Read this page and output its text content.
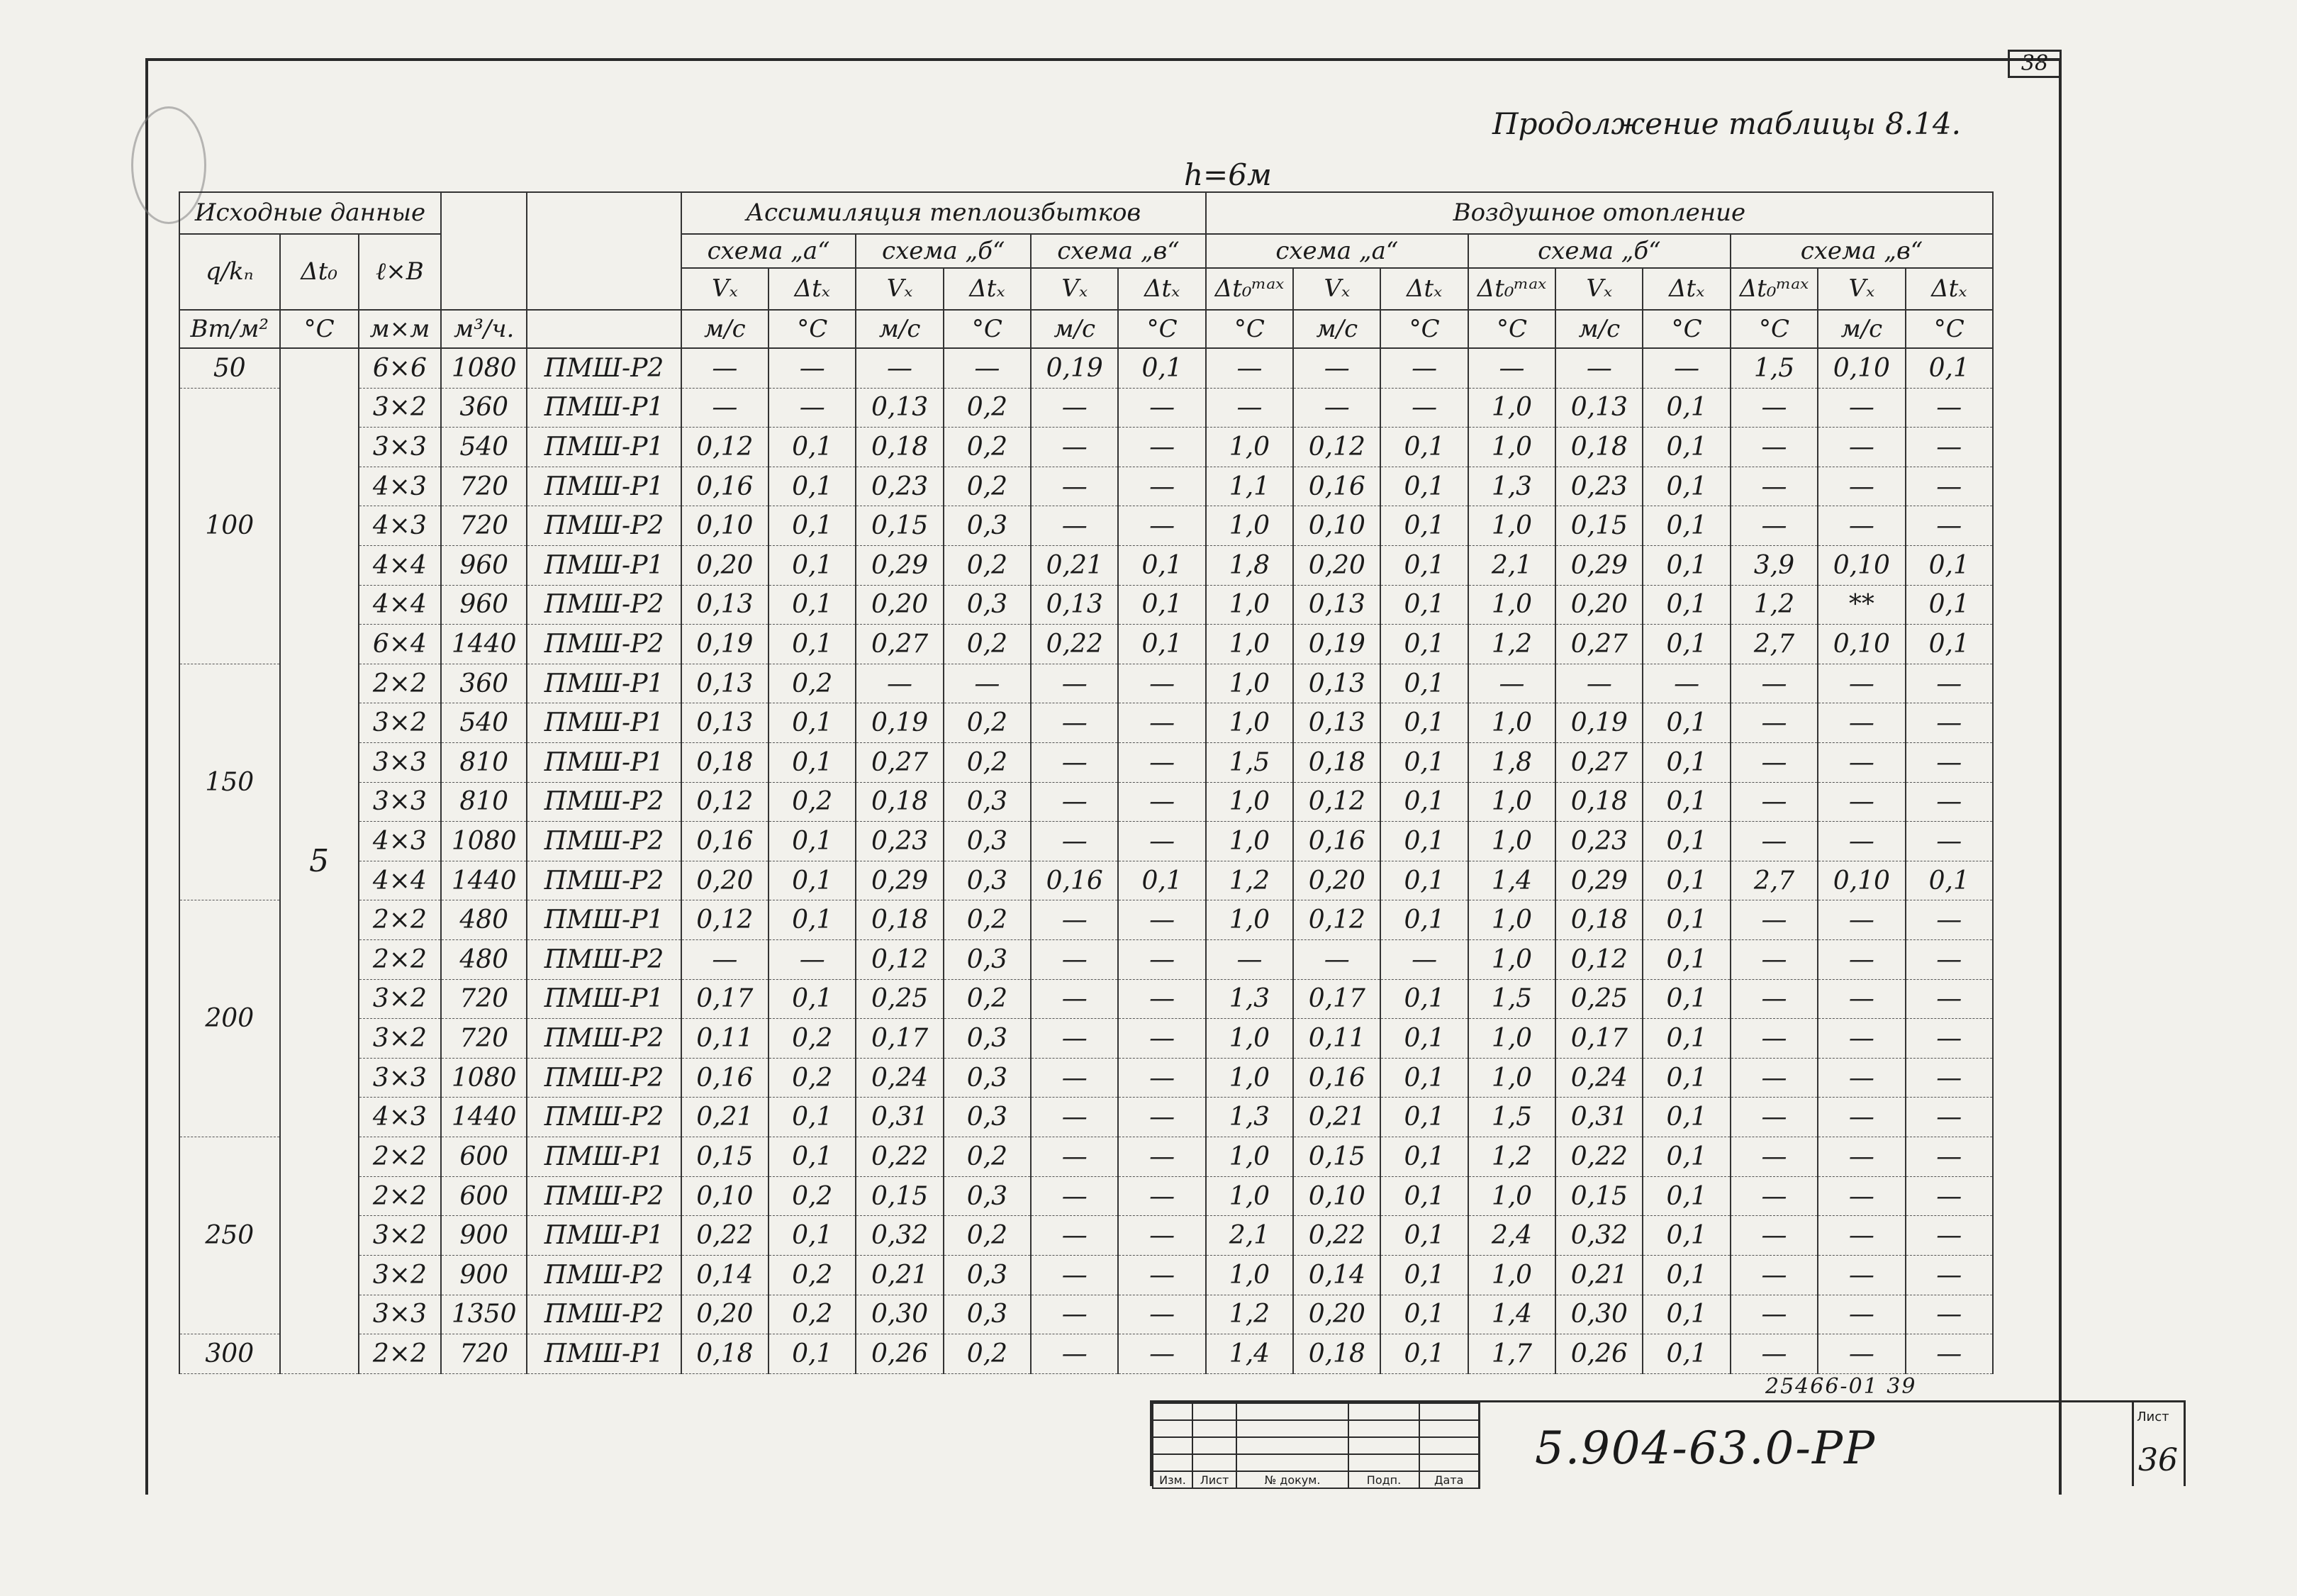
38
Продолжение таблицы 8.14.
h=6м
Исходные данные					Ассимиляция теплоизбытков						Воздушное отопление								
q/kₙ	Δt₀	ℓ×В			схема „а“		схема „б“		схема „в“		схема „а“			схема „б“			схема „в“		
					Vₓ	Δtₓ	Vₓ	Δtₓ	Vₓ	Δtₓ	Δt₀ᵐᵃˣ	Vₓ	Δtₓ	Δt₀ᵐᵃˣ	Vₓ	Δtₓ	Δt₀ᵐᵃˣ	Vₓ	Δtₓ
Вт/м²	°С	м×м	м³/ч.		м/с	°С	м/с	°С	м/с	°С	°С	м/с	°С	°С	м/с	°С	°С	м/с	°С
50	5	6×6	1080	ПМШ-Р2	—	—	—	—	0,19	0,1	—	—	—	—	—	—	1,5	0,10	0,1
100		3×2	360	ПМШ-Р1	—	—	0,13	0,2	—	—	—	—	—	1,0	0,13	0,1	—	—	—
		3×3	540	ПМШ-Р1	0,12	0,1	0,18	0,2	—	—	1,0	0,12	0,1	1,0	0,18	0,1	—	—	—
		4×3	720	ПМШ-Р1	0,16	0,1	0,23	0,2	—	—	1,1	0,16	0,1	1,3	0,23	0,1	—	—	—
		4×3	720	ПМШ-Р2	0,10	0,1	0,15	0,3	—	—	1,0	0,10	0,1	1,0	0,15	0,1	—	—	—
		4×4	960	ПМШ-Р1	0,20	0,1	0,29	0,2	0,21	0,1	1,8	0,20	0,1	2,1	0,29	0,1	3,9	0,10	0,1
		4×4	960	ПМШ-Р2	0,13	0,1	0,20	0,3	0,13	0,1	1,0	0,13	0,1	1,0	0,20	0,1	1,2	**	0,1
		6×4	1440	ПМШ-Р2	0,19	0,1	0,27	0,2	0,22	0,1	1,0	0,19	0,1	1,2	0,27	0,1	2,7	0,10	0,1
150		2×2	360	ПМШ-Р1	0,13	0,2	—	—	—	—	1,0	0,13	0,1	—	—	—	—	—	—
		3×2	540	ПМШ-Р1	0,13	0,1	0,19	0,2	—	—	1,0	0,13	0,1	1,0	0,19	0,1	—	—	—
		3×3	810	ПМШ-Р1	0,18	0,1	0,27	0,2	—	—	1,5	0,18	0,1	1,8	0,27	0,1	—	—	—
		3×3	810	ПМШ-Р2	0,12	0,2	0,18	0,3	—	—	1,0	0,12	0,1	1,0	0,18	0,1	—	—	—
		4×3	1080	ПМШ-Р2	0,16	0,1	0,23	0,3	—	—	1,0	0,16	0,1	1,0	0,23	0,1	—	—	—
		4×4	1440	ПМШ-Р2	0,20	0,1	0,29	0,3	0,16	0,1	1,2	0,20	0,1	1,4	0,29	0,1	2,7	0,10	0,1
200		2×2	480	ПМШ-Р1	0,12	0,1	0,18	0,2	—	—	1,0	0,12	0,1	1,0	0,18	0,1	—	—	—
		2×2	480	ПМШ-Р2	—	—	0,12	0,3	—	—	—	—	—	1,0	0,12	0,1	—	—	—
		3×2	720	ПМШ-Р1	0,17	0,1	0,25	0,2	—	—	1,3	0,17	0,1	1,5	0,25	0,1	—	—	—
		3×2	720	ПМШ-Р2	0,11	0,2	0,17	0,3	—	—	1,0	0,11	0,1	1,0	0,17	0,1	—	—	—
		3×3	1080	ПМШ-Р2	0,16	0,2	0,24	0,3	—	—	1,0	0,16	0,1	1,0	0,24	0,1	—	—	—
		4×3	1440	ПМШ-Р2	0,21	0,1	0,31	0,3	—	—	1,3	0,21	0,1	1,5	0,31	0,1	—	—	—
250		2×2	600	ПМШ-Р1	0,15	0,1	0,22	0,2	—	—	1,0	0,15	0,1	1,2	0,22	0,1	—	—	—
		2×2	600	ПМШ-Р2	0,10	0,2	0,15	0,3	—	—	1,0	0,10	0,1	1,0	0,15	0,1	—	—	—
		3×2	900	ПМШ-Р1	0,22	0,1	0,32	0,2	—	—	2,1	0,22	0,1	2,4	0,32	0,1	—	—	—
		3×2	900	ПМШ-Р2	0,14	0,2	0,21	0,3	—	—	1,0	0,14	0,1	1,0	0,21	0,1	—	—	—
		3×3	1350	ПМШ-Р2	0,20	0,2	0,30	0,3	—	—	1,2	0,20	0,1	1,4	0,30	0,1	—	—	—
300		2×2	720	ПМШ-Р1	0,18	0,1	0,26	0,2	—	—	1,4	0,18	0,1	1,7	0,26	0,1	—	—	—
25466-01 39

Изм.	Лист	№ докум.	Подп.	Дата
5.904-63.0-РР
Лист
36
